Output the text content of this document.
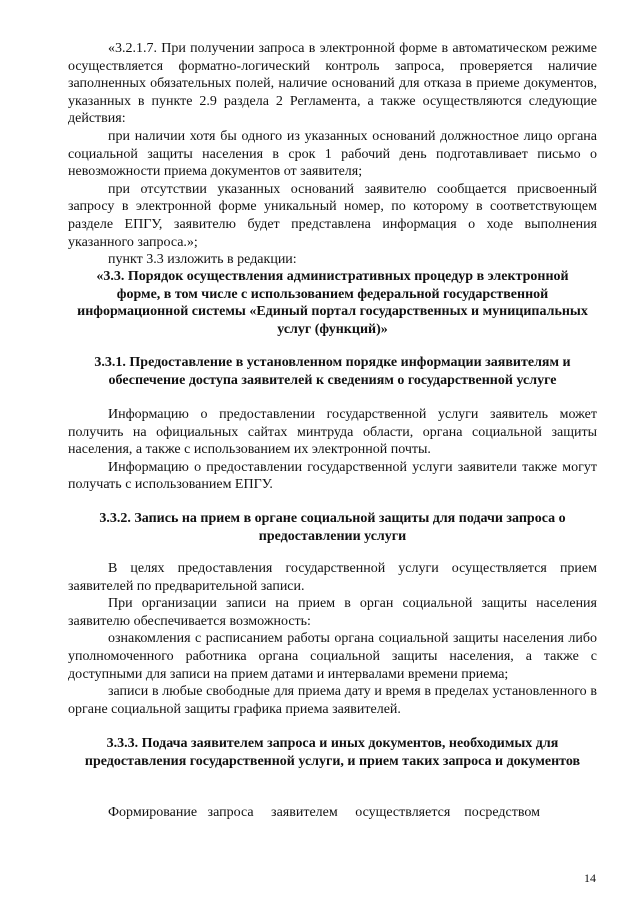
«3.2.1.7. При получении запроса в электронной форме в автоматическом режиме осуществляется форматно-логический контроль запроса, проверяется наличие заполненных обязательных полей, наличие оснований для отказа в приеме документов, указанных в пункте 2.9 раздела 2 Регламента, а также осуществляются следующие действия:

при наличии хотя бы одного из указанных оснований должностное лицо органа социальной защиты населения в срок 1 рабочий день подготавливает письмо о невозможности приема документов от заявителя;

при отсутствии указанных оснований заявителю сообщается присвоенный запросу в электронной форме уникальный номер, по которому в соответствующем разделе ЕПГУ, заявителю будет представлена информация о ходе выполнения указанного запроса.»;

пункт 3.3 изложить в редакции:

«3.3. Порядок осуществления административных процедур в электронной форме, в том числе с использованием федеральной государственной информационной системы «Единый портал государственных и муниципальных услуг (функций)»

3.3.1. Предоставление в установленном порядке информации заявителям и обеспечение доступа заявителей к сведениям о государственной услуге

Информацию о предоставлении государственной услуги заявитель может получить на официальных сайтах минтруда области, органа социальной защиты населения, а также с использованием их электронной почты.

Информацию о предоставлении государственной услуги заявители также могут получать с использованием ЕПГУ.

3.3.2. Запись на прием в органе социальной защиты для подачи запроса о предоставлении услуги

В целях предоставления государственной услуги осуществляется прием заявителей по предварительной записи.

При организации записи на прием в орган социальной защиты населения заявителю обеспечивается возможность:

ознакомления с расписанием работы органа социальной защиты населения либо уполномоченного работника органа социальной защиты населения, а также с доступными для записи на прием датами и интервалами времени приема;

записи в любые свободные для приема дату и время в пределах установленного в органе социальной защиты графика приема заявителей.

3.3.3. Подача заявителем запроса и иных документов, необходимых для предоставления государственной услуги, и прием таких запроса и документов

Формирование   запроса     заявителем     осуществляется    посредством

14
